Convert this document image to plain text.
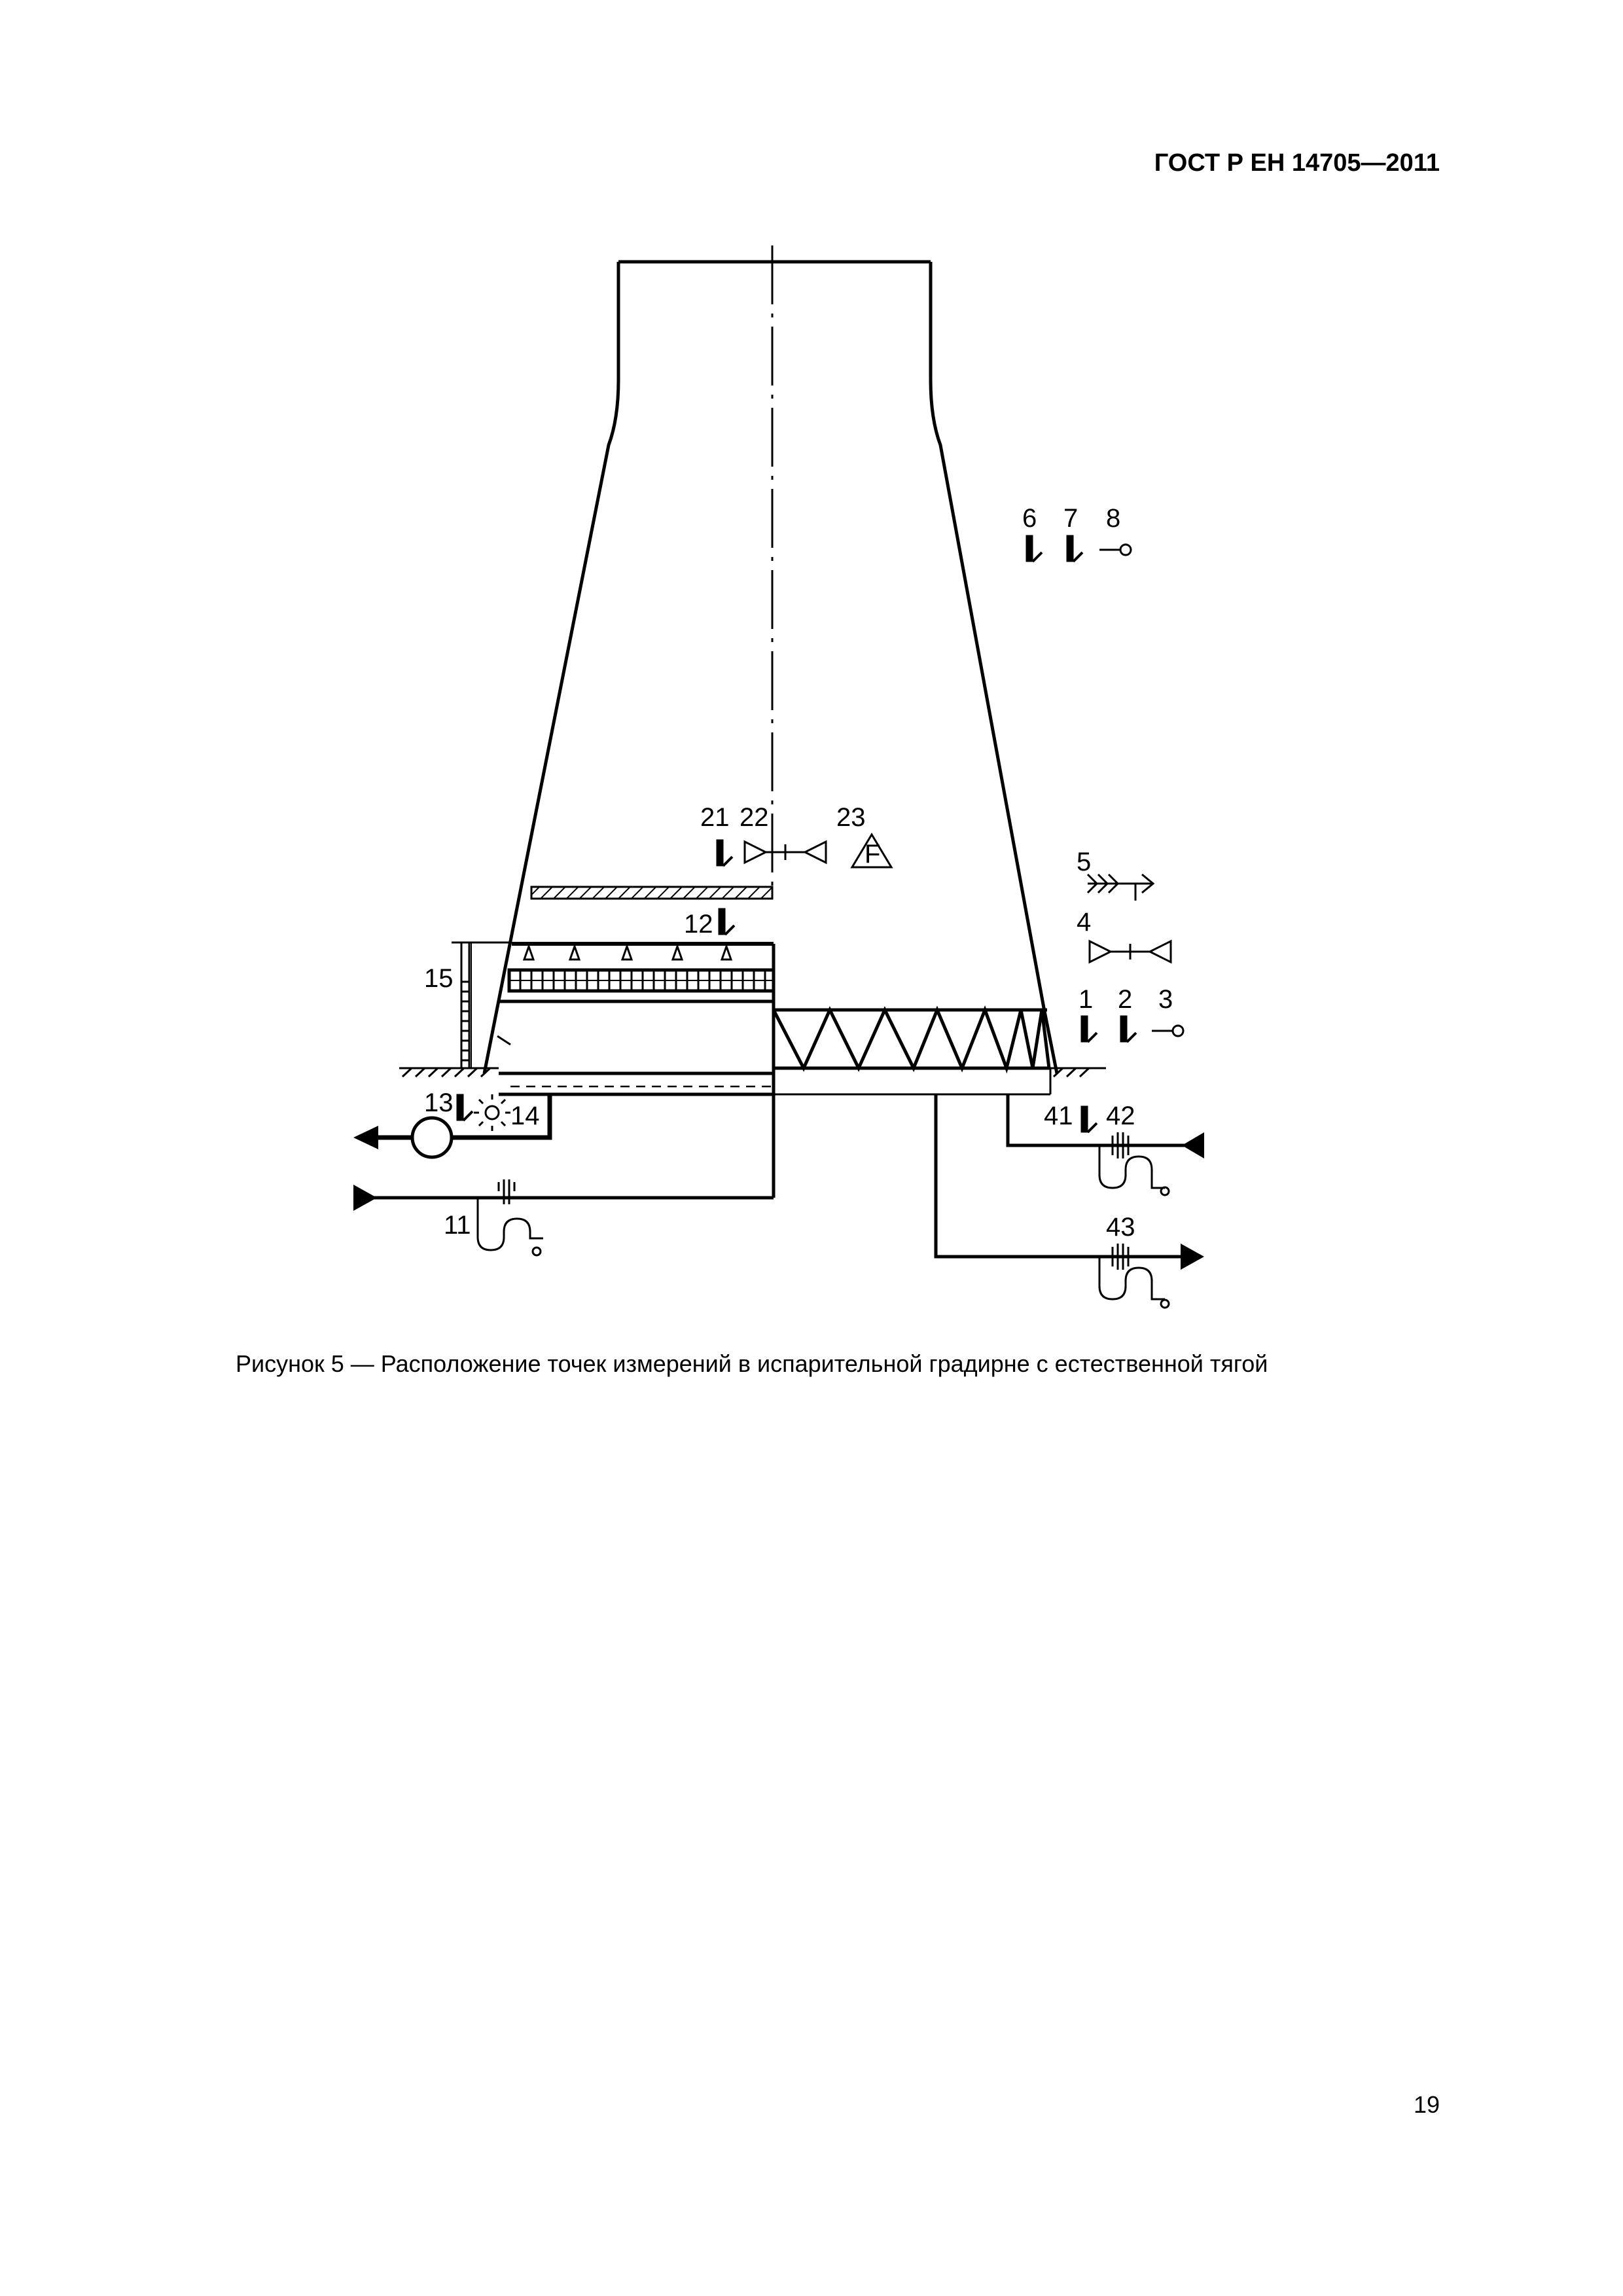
ГОСТ Р ЕН 14705—2011
F
6 7 8
21 22	23
5
4
12
15
1 2 3
13 14	41 42
11	43
Рисунок 5 — Расположение точек измерений в испарительной градирне с естественной тягой
19
